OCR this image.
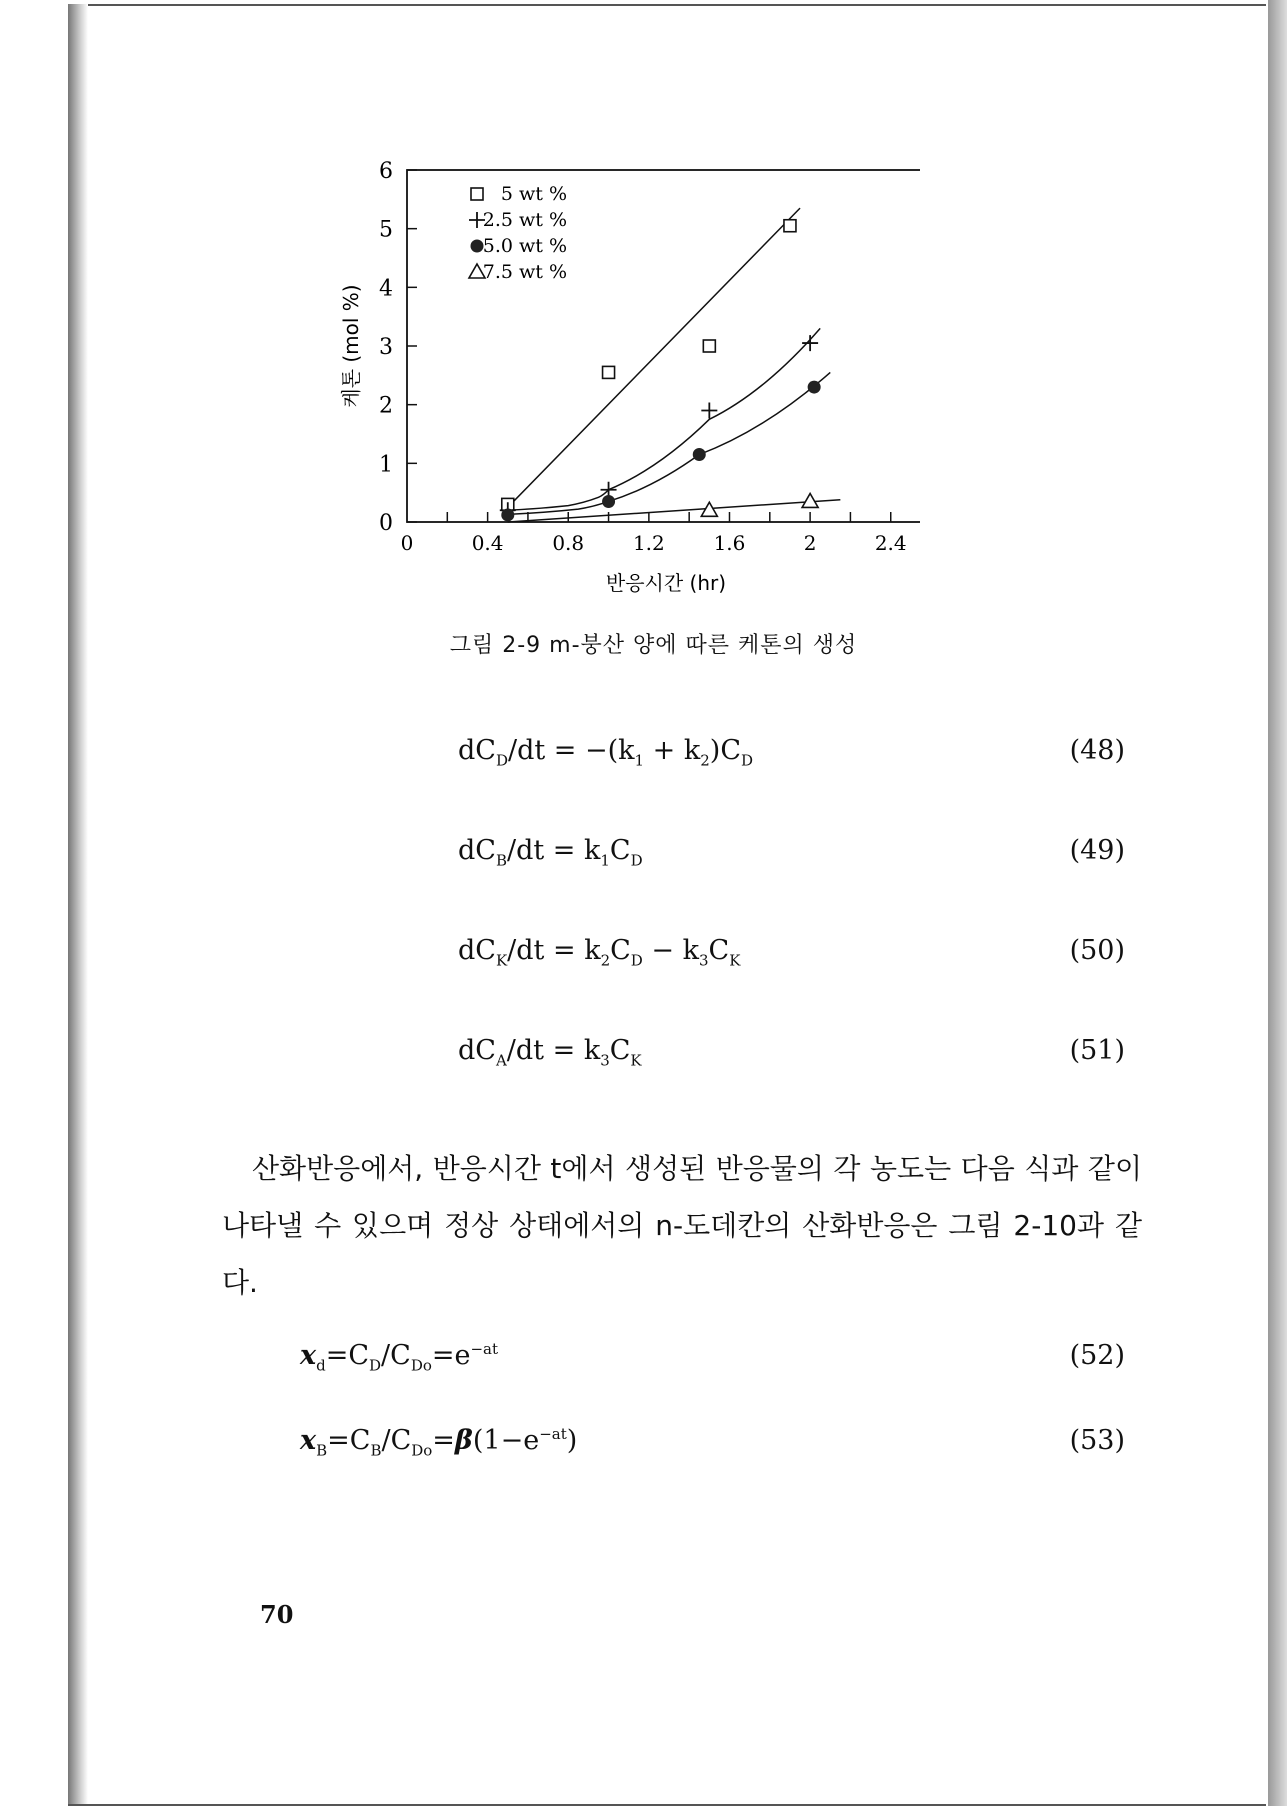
0
1
2
3
4
5
6
0	0.4 0.8 1.2 1.6	2	2.4
반응시간 (hr)
케톤 (mol %)
5 wt %
2.5 wt %
5.0 wt %
7.5 wt %
그림 2-9 m-붕산 양에 따른 케톤의 생성
$dC_D/dt = -(k_1 + k_2)C_D$	(48)
$dC_B/dt = k_1C_D$	(49)
$dC_K/dt = k_2C_D - k_3C_K$	(50)
$dC_A/dt = k_3C_K$	(51)
$x_d=C_D/C_{Do}=e^{-at}$	(52)
$x_B=C_B/C_{Do}=\beta(1-e^{-at})$	(53)
산화반응에서, 반응시간 t에서 생성된 반응물의 각 농도는 다음 식과 같이 나타낼 수 있으며 정상 상태에서의 n-도데칸의 산화반응은 그림 2-10과 같다.
70
